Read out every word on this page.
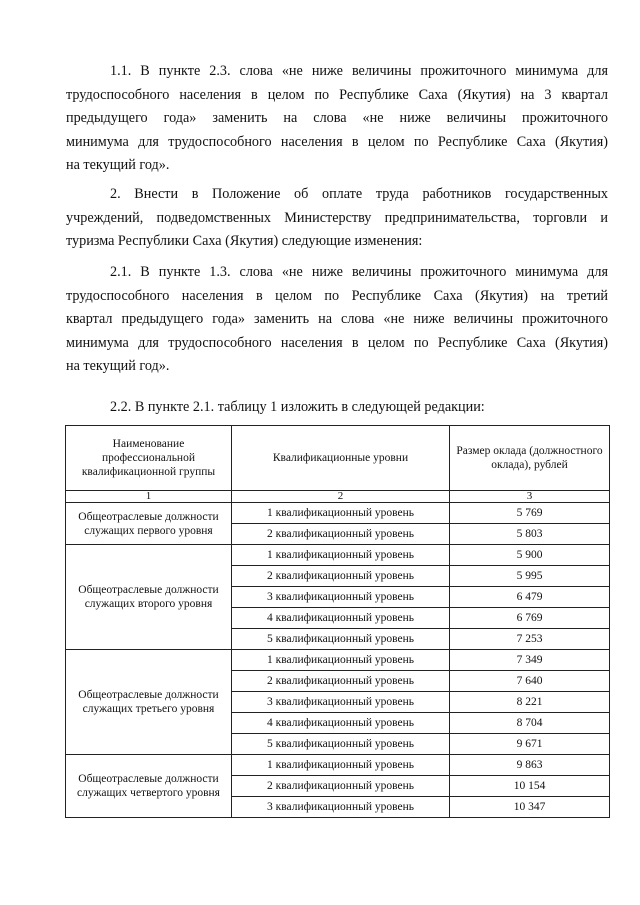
1.1. В пункте 2.3. слова «не ниже величины прожиточного минимума для
трудоспособного населения в целом по Республике Саха (Якутия) на 3 квартал
предыдущего года» заменить на слова «не ниже величины прожиточного
минимума для трудоспособного населения в целом по Республике Саха (Якутия)
на текущий год».
2. Внести в Положение об оплате труда работников государственных
учреждений, подведомственных Министерству предпринимательства, торговли и
туризма Республики Саха (Якутия) следующие изменения:
2.1. В пункте 1.3. слова «не ниже величины прожиточного минимума для
трудоспособного населения в целом по Республике Саха (Якутия) на третий
квартал предыдущего года» заменить на слова «не ниже величины прожиточного
минимума для трудоспособного населения в целом по Республике Саха (Якутия)
на текущий год».
2.2. В пункте 2.1. таблицу 1 изложить в следующей редакции:
Наименование профессиональной квалификационной группы	Квалификационные уровни	Размер оклада (должностного оклада), рублей
1	2	3
Общеотраслевые должности служащих первого уровня	1 квалификационный уровень	5 769
	2 квалификационный уровень	5 803
Общеотраслевые должности служащих второго уровня	1 квалификационный уровень	5 900
	2 квалификационный уровень	5 995
	3 квалификационный уровень	6 479
	4 квалификационный уровень	6 769
	5 квалификационный уровень	7 253
Общеотраслевые должности служащих третьего уровня	1 квалификационный уровень	7 349
	2 квалификационный уровень	7 640
	3 квалификационный уровень	8 221
	4 квалификационный уровень	8 704
	5 квалификационный уровень	9 671
Общеотраслевые должности служащих четвертого уровня	1 квалификационный уровень	9 863
	2 квалификационный уровень	10 154
	3 квалификационный уровень	10 347
